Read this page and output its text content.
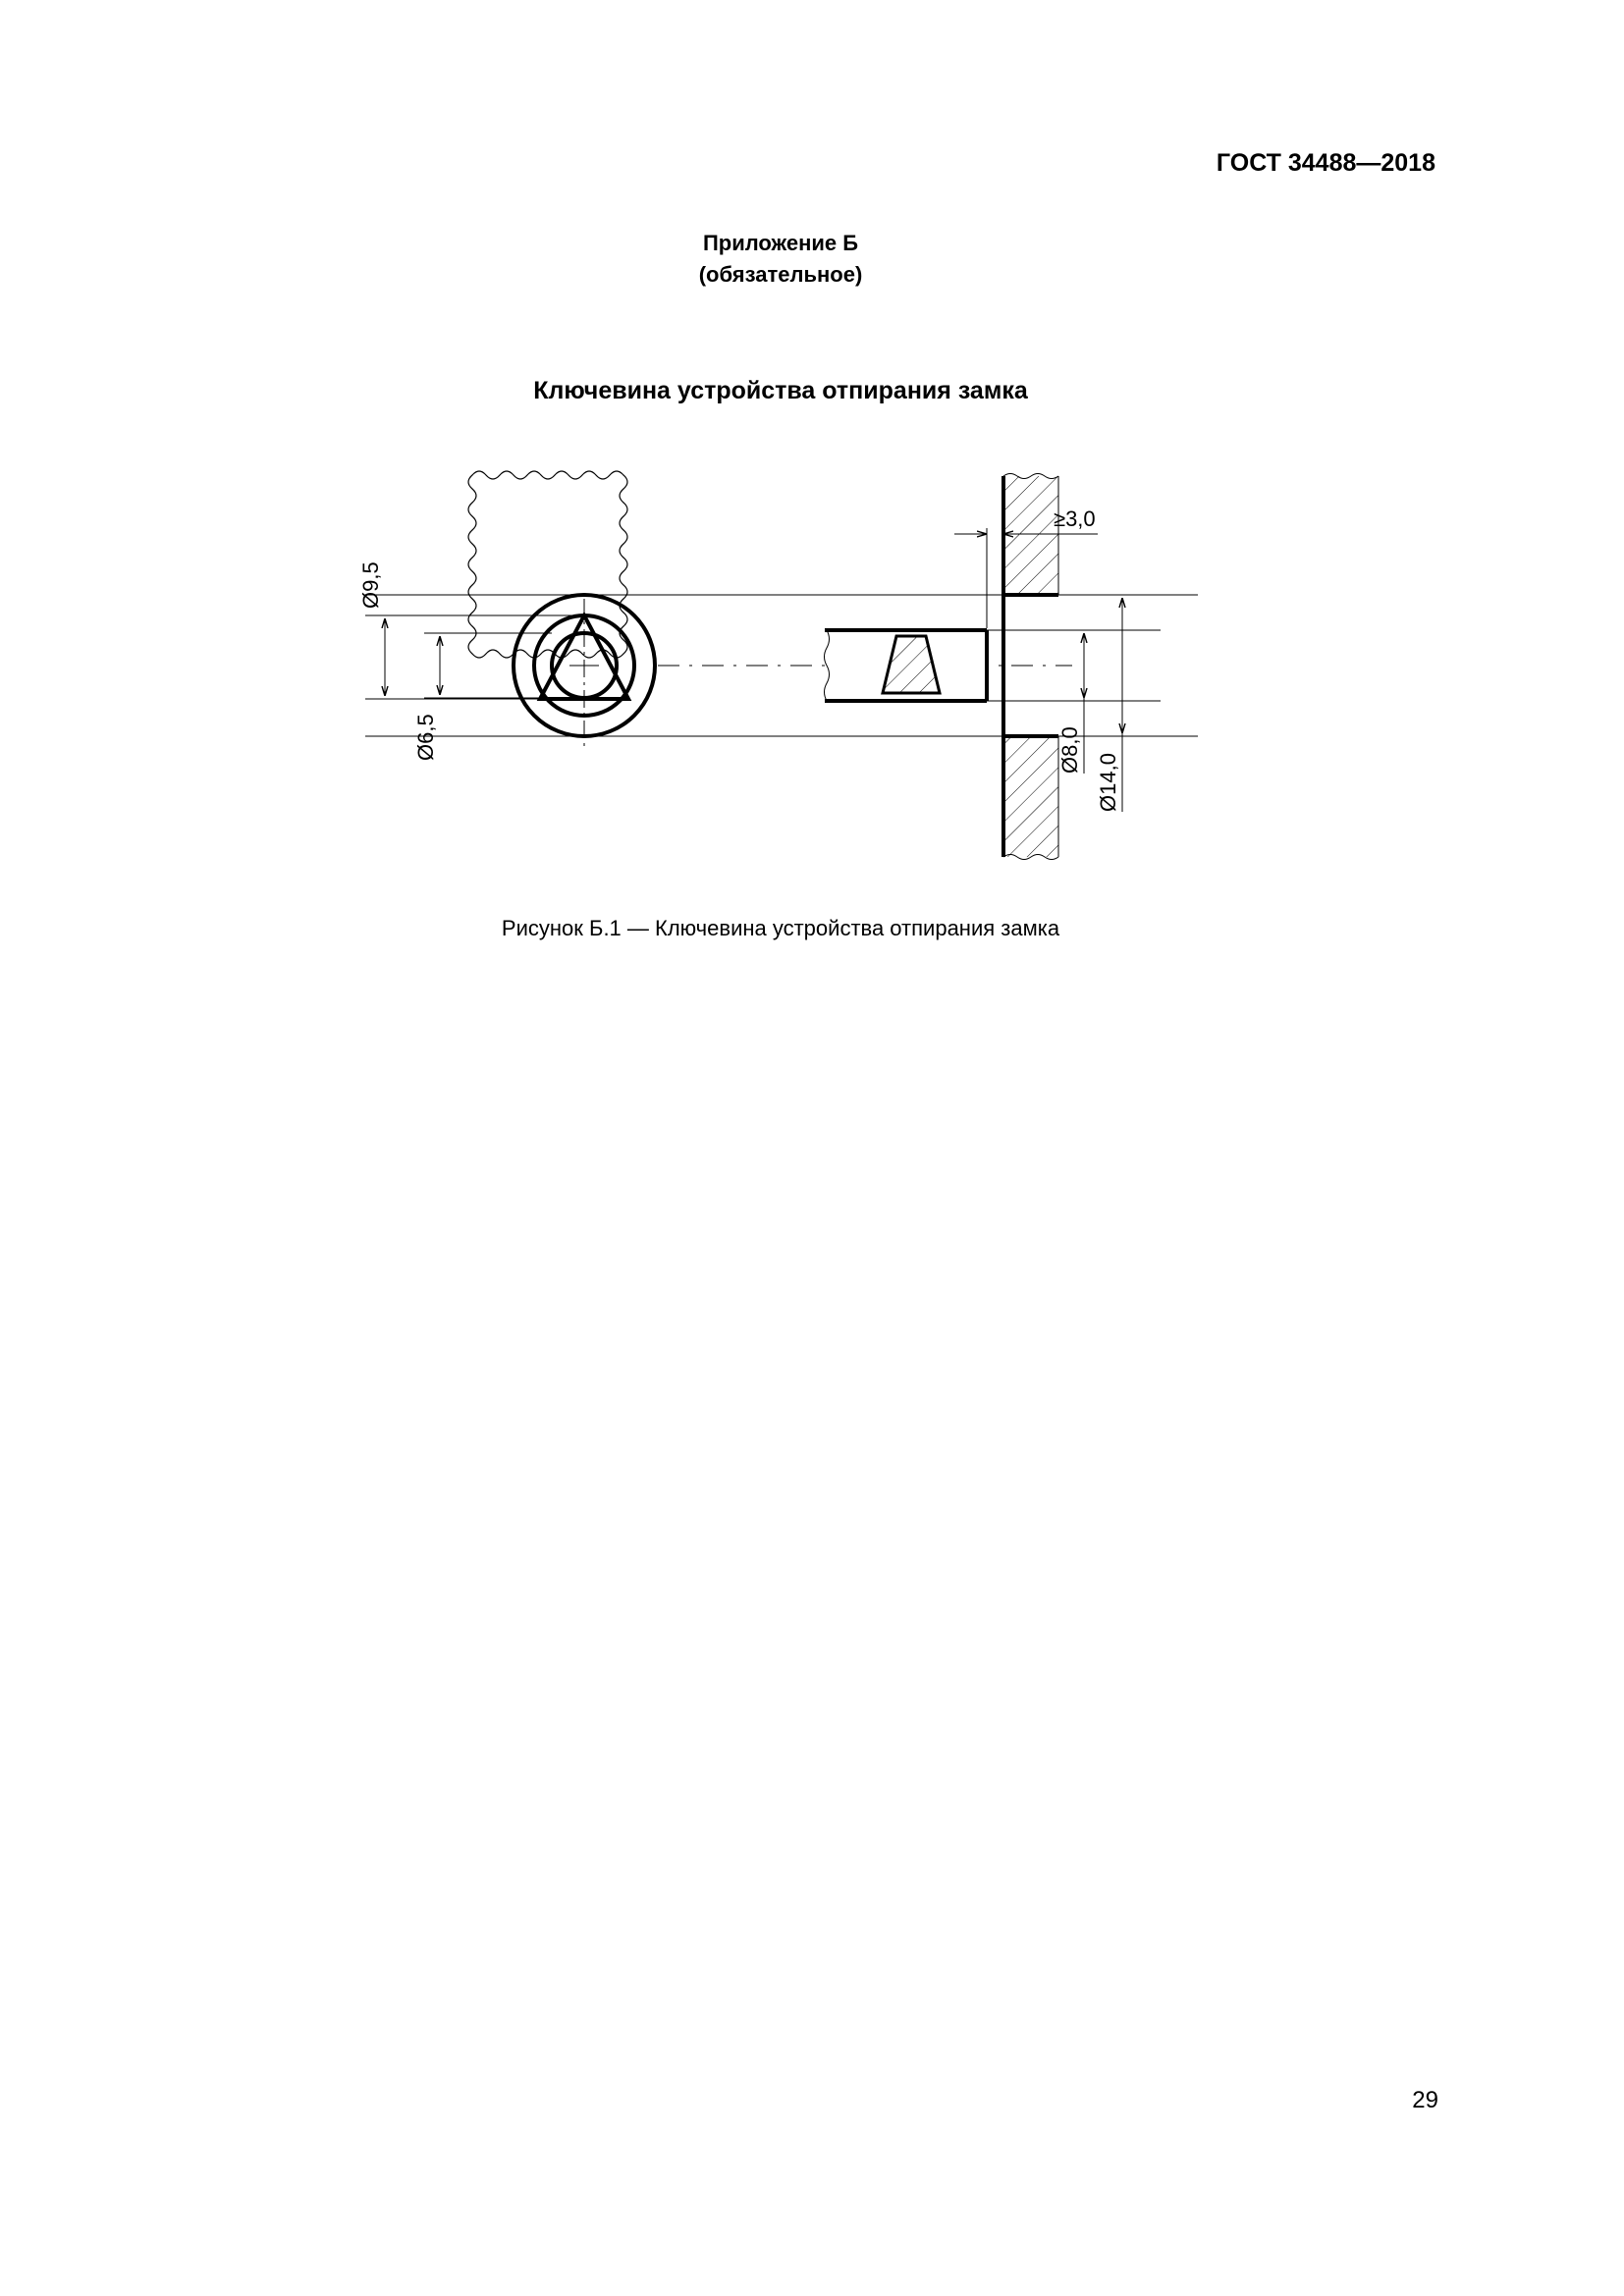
ГОСТ 34488—2018
Приложение Б
(обязательное)
Ключевина устройства отпирания замка
Ø9,5
Ø6,5
≥3,0
Ø8,0
Ø14,0
Рисунок Б.1 — Ключевина устройства отпирания замка
29
